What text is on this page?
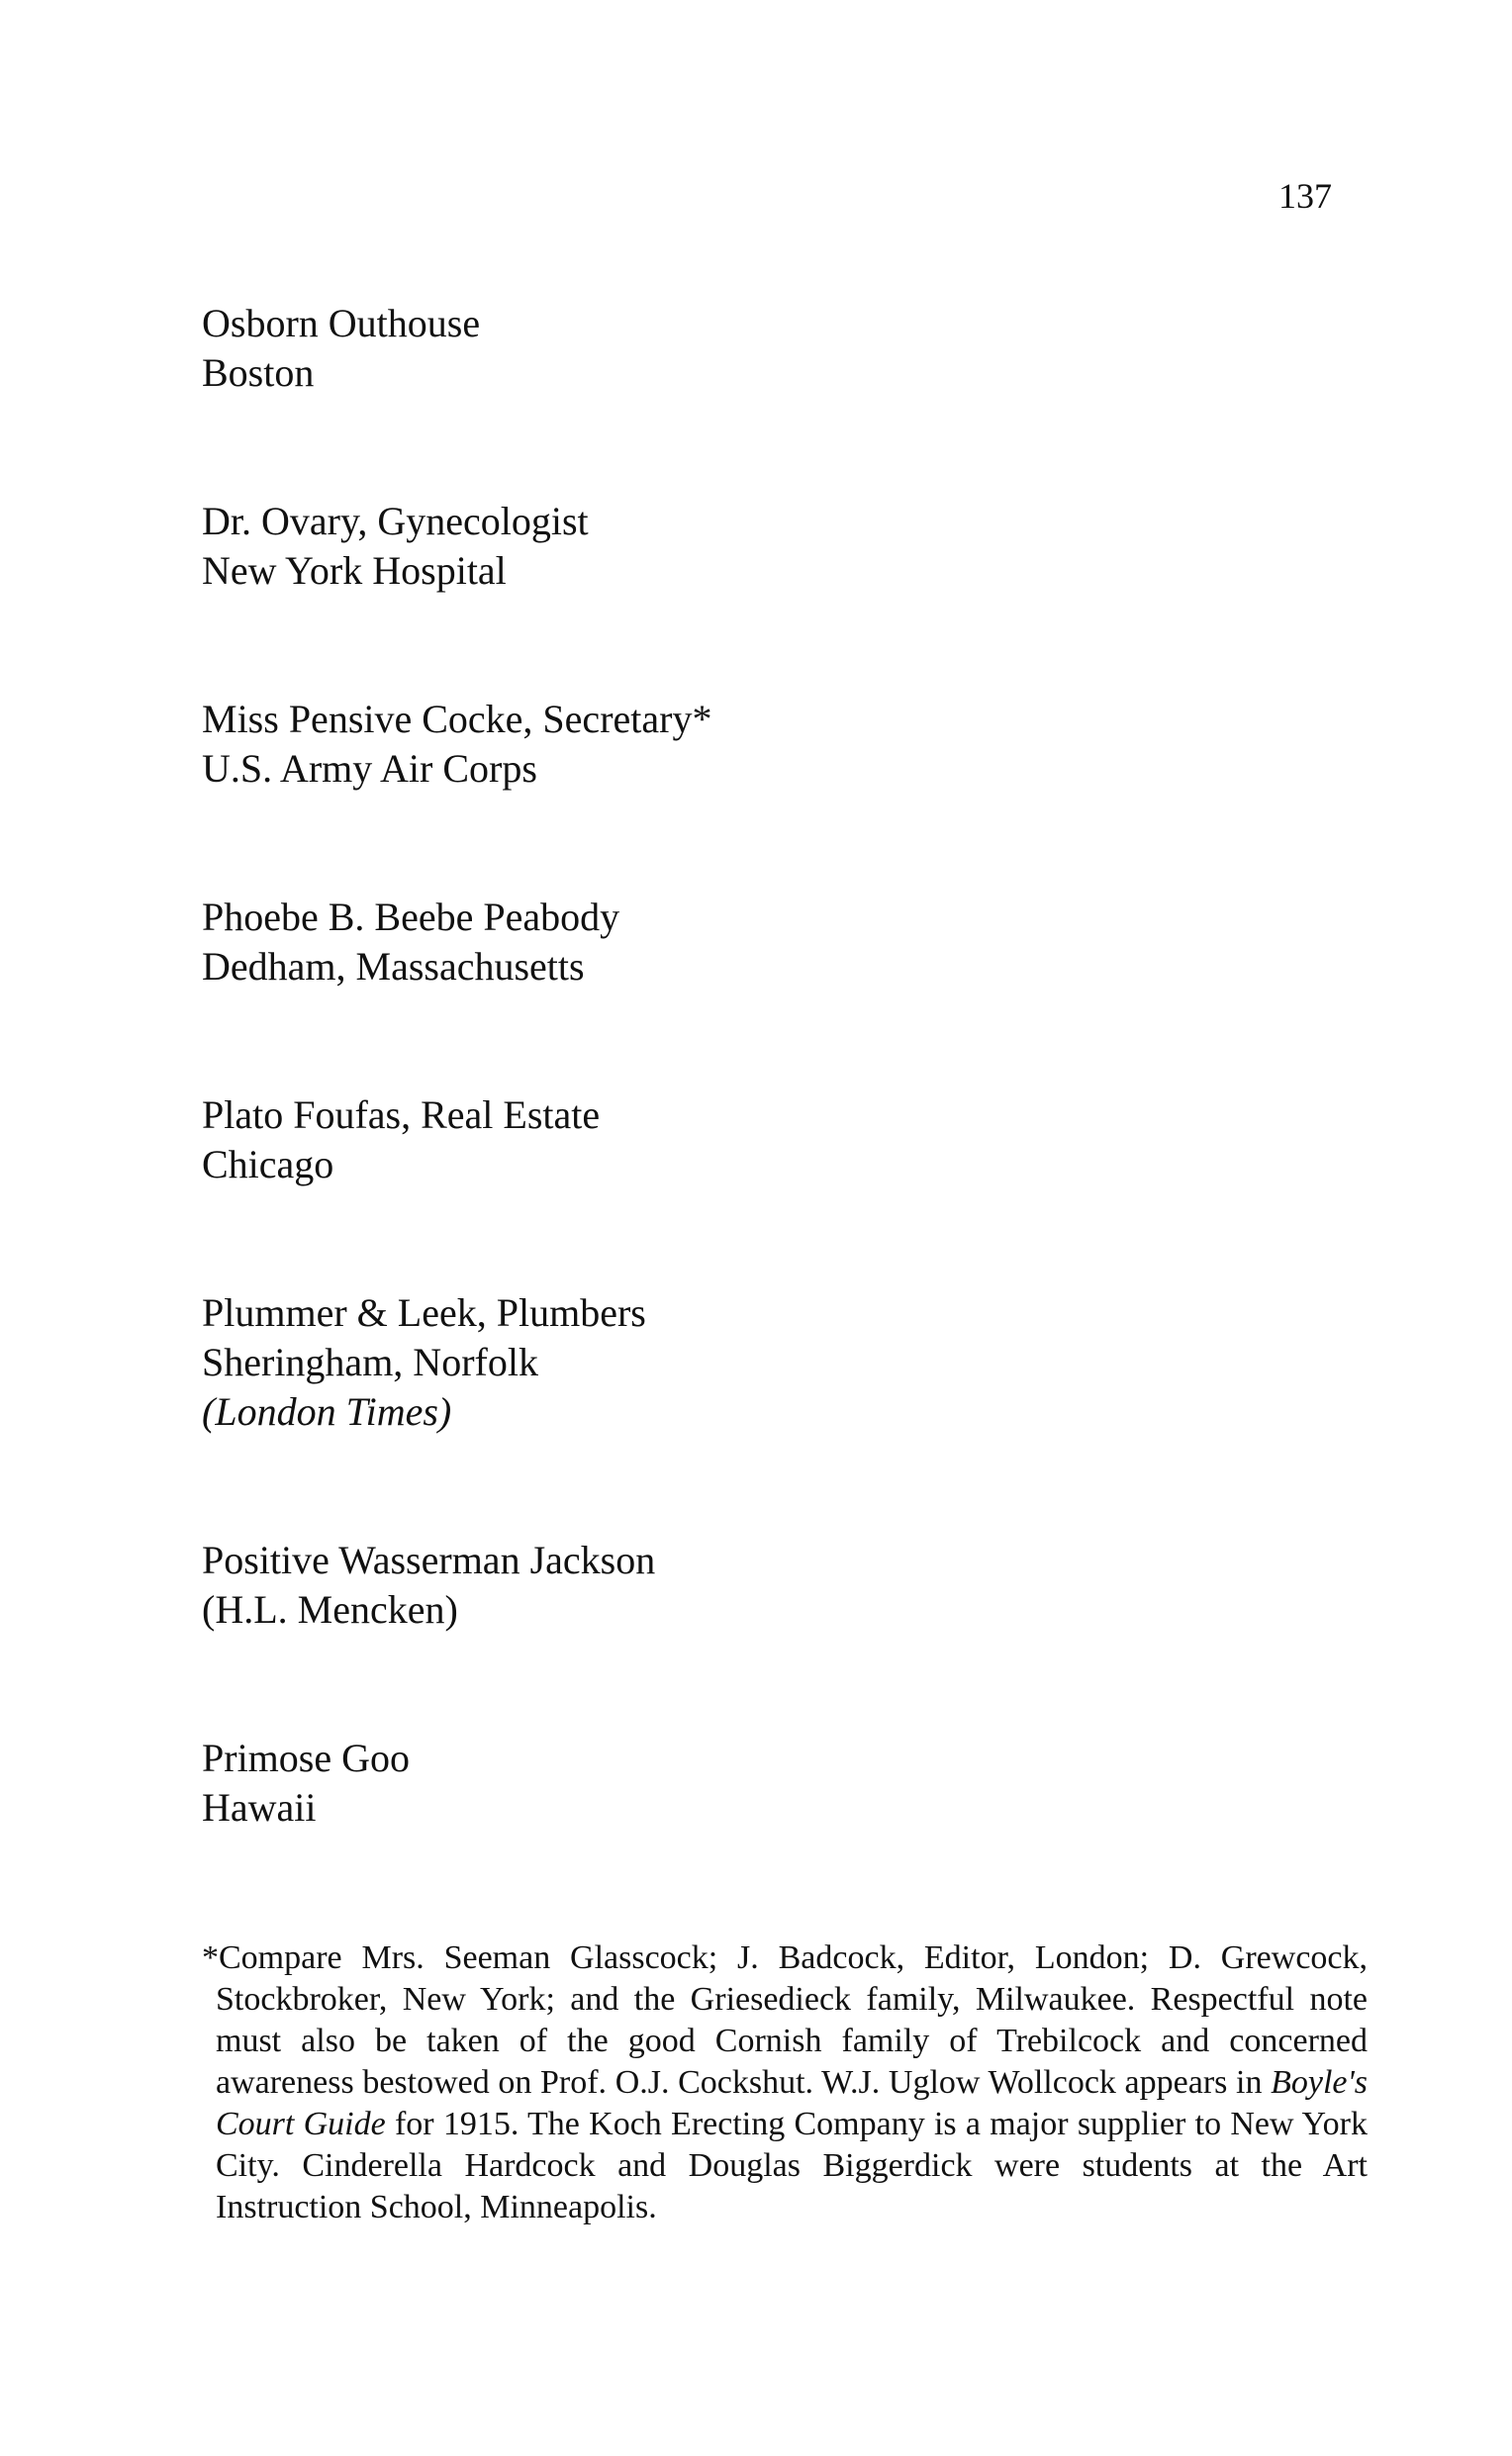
137
Osborn Outhouse
Boston
Dr. Ovary, Gynecologist
New York Hospital
Miss Pensive Cocke, Secretary*
U.S. Army Air Corps
Phoebe B. Beebe Peabody
Dedham, Massachusetts
Plato Foufas, Real Estate
Chicago
Plummer & Leek, Plumbers
Sheringham, Norfolk
(London Times)
Positive Wasserman Jackson
(H.L. Mencken)
Primose Goo
Hawaii
*Compare Mrs. Seeman Glasscock; J. Badcock, Editor, London; D. Grewcock, Stockbroker, New York; and the Griesedieck family, Milwaukee. Respectful note must also be taken of the good Cornish family of Trebilcock and concerned awareness bestowed on Prof. O.J. Cockshut. W.J. Uglow Wollcock appears in Boyle's Court Guide for 1915. The Koch Erecting Company is a major supplier to New York City. Cinderella Hardcock and Douglas Biggerdick were students at the Art Instruction School, Minneapolis.
